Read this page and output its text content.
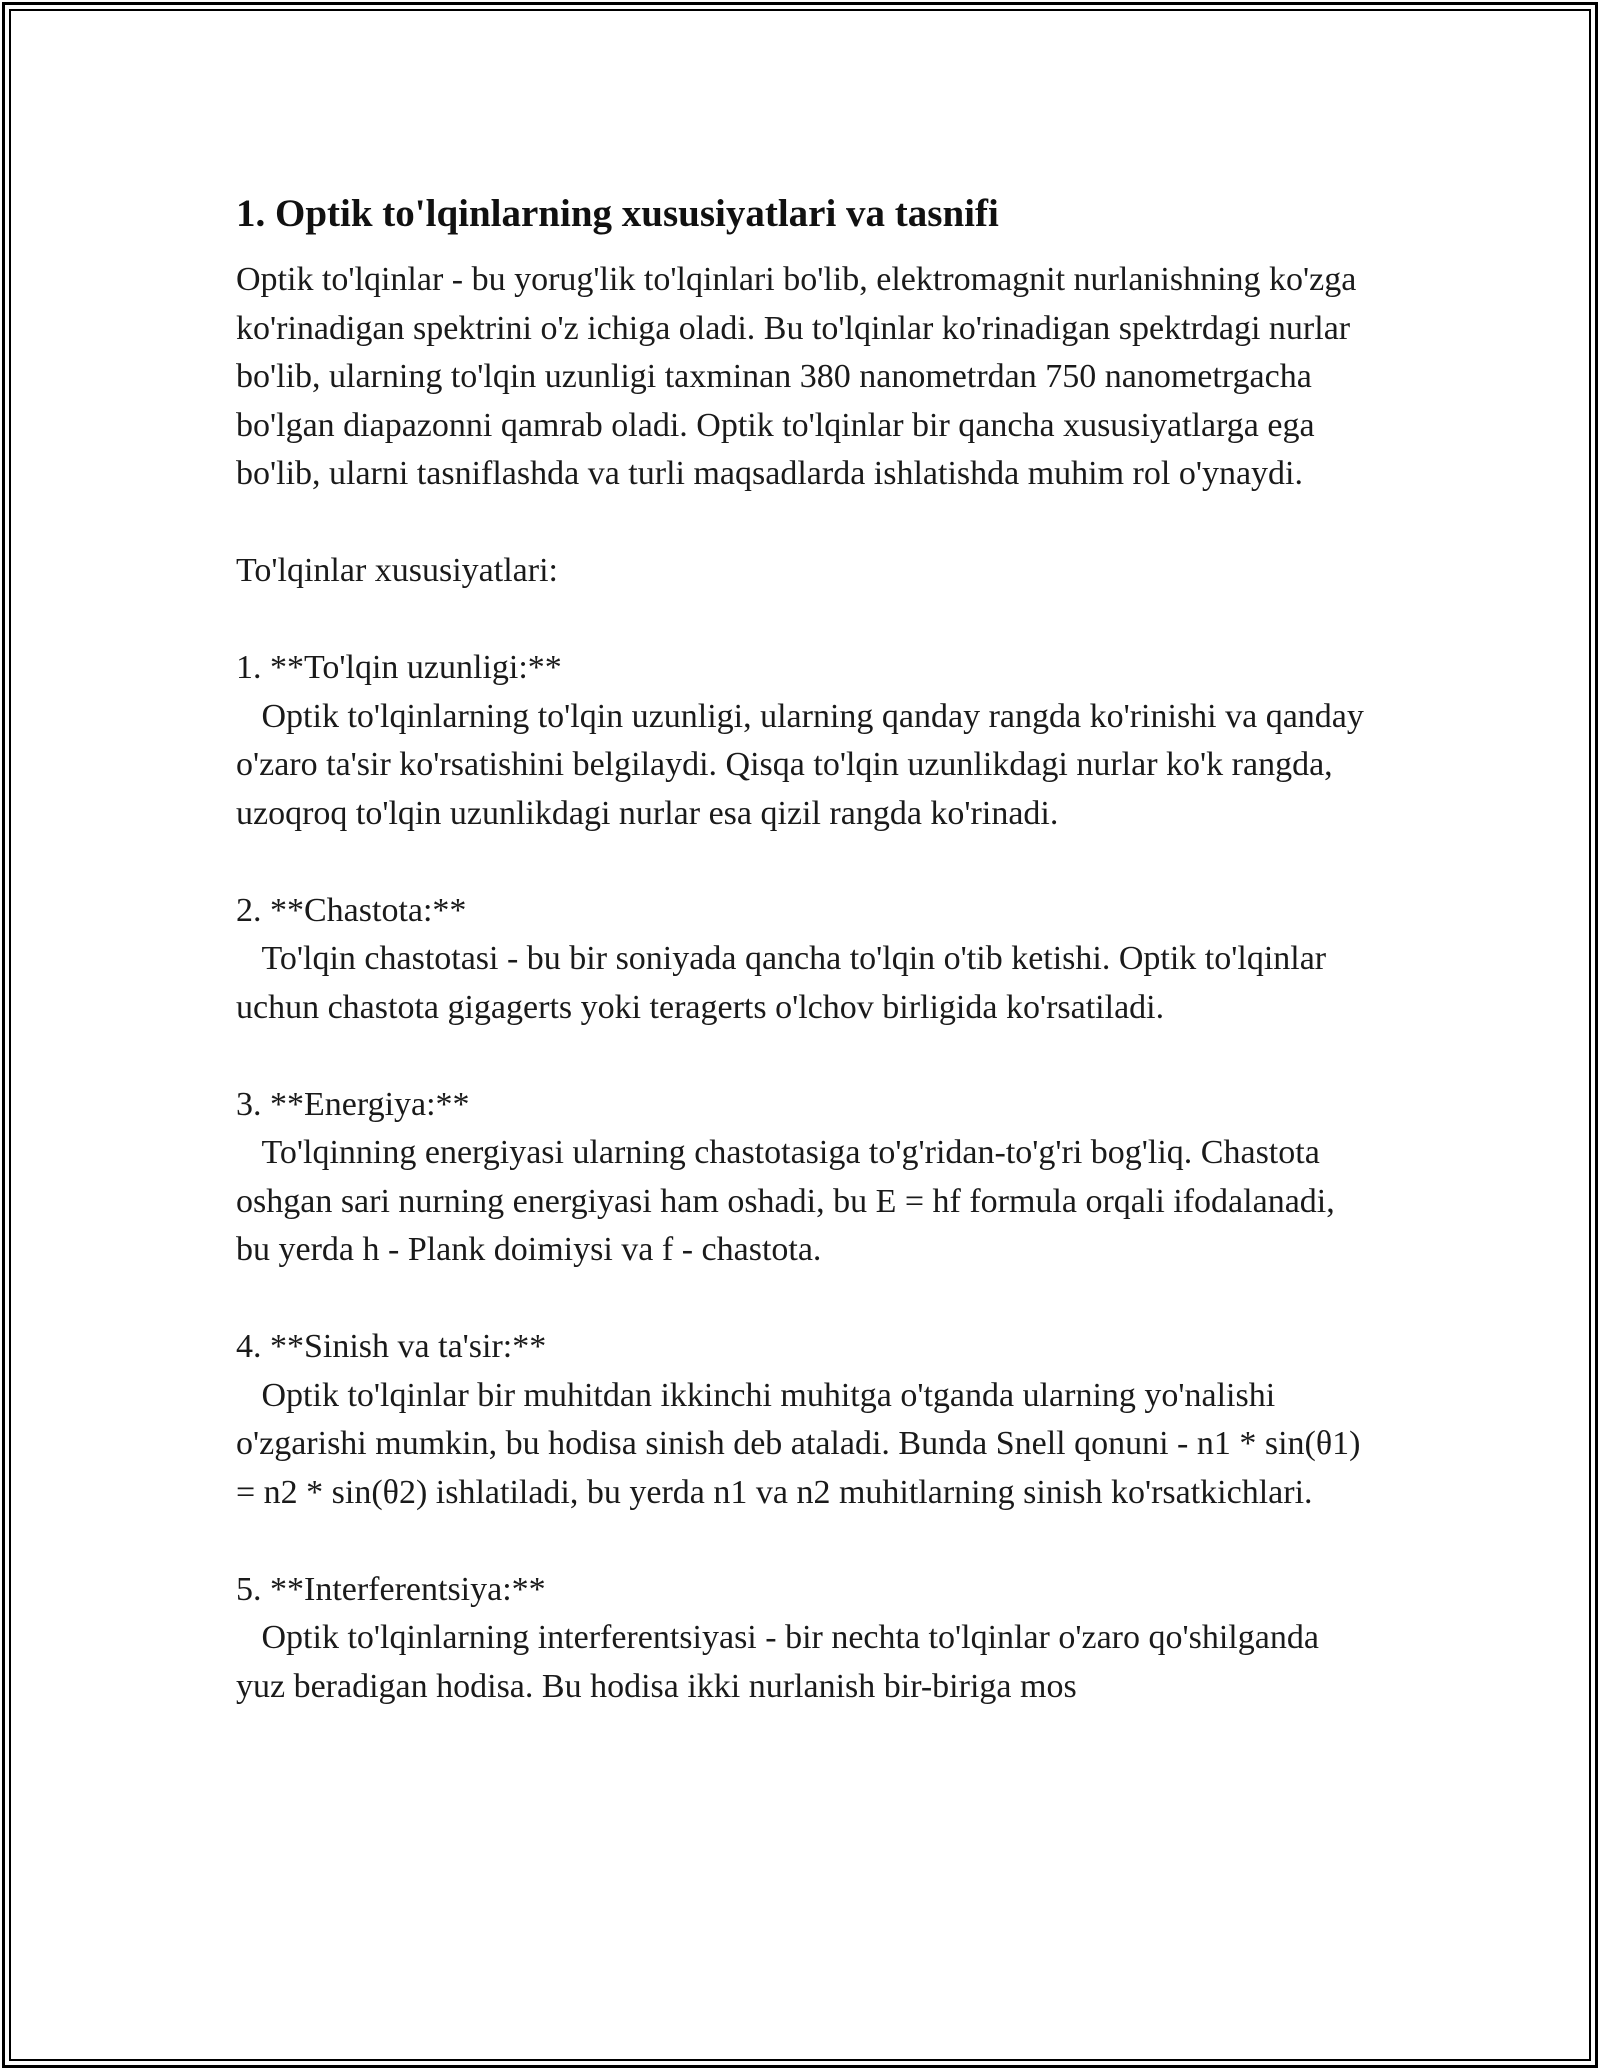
1. Optik to'lqinlarning xususiyatlari va tasnifi

Optik to'lqinlar - bu yorug'lik to'lqinlari bo'lib, elektromagnit nurlanishning ko'zga ko'rinadigan spektrini o'z ichiga oladi. Bu to'lqinlar ko'rinadigan spektrdagi nurlar bo'lib, ularning to'lqin uzunligi taxminan 380 nanometrdan 750 nanometrgacha bo'lgan diapazonni qamrab oladi. Optik to'lqinlar bir qancha xususiyatlarga ega bo'lib, ularni tasniflashda va turli maqsadlarda ishlatishda muhim rol o'ynaydi.

To'lqinlar xususiyatlari:

1. **To'lqin uzunligi:**

Optik to'lqinlarning to'lqin uzunligi, ularning qanday rangda ko'rinishi va qanday o'zaro ta'sir ko'rsatishini belgilaydi. Qisqa to'lqin uzunlikdagi nurlar ko'k rangda, uzoqroq to'lqin uzunlikdagi nurlar esa qizil rangda ko'rinadi.

2. **Chastota:**

To'lqin chastotasi - bu bir soniyada qancha to'lqin o'tib ketishi. Optik to'lqinlar uchun chastota gigagerts yoki teragerts o'lchov birligida ko'rsatiladi.

3. **Energiya:**

To'lqinning energiyasi ularning chastotasiga to'g'ridan-to'g'ri bog'liq. Chastota oshgan sari nurning energiyasi ham oshadi, bu E = hf formula orqali ifodalanadi, bu yerda h - Plank doimiysi va f - chastota.

4. **Sinish va ta'sir:**

Optik to'lqinlar bir muhitdan ikkinchi muhitga o'tganda ularning yo'nalishi o'zgarishi mumkin, bu hodisa sinish deb ataladi. Bunda Snell qonuni - n1 * sin(θ1) = n2 * sin(θ2) ishlatiladi, bu yerda n1 va n2 muhitlarning sinish ko'rsatkichlari.

5. **Interferentsiya:**

Optik to'lqinlarning interferentsiyasi - bir nechta to'lqinlar o'zaro qo'shilganda yuz beradigan hodisa. Bu hodisa ikki nurlanish bir-biriga mos
